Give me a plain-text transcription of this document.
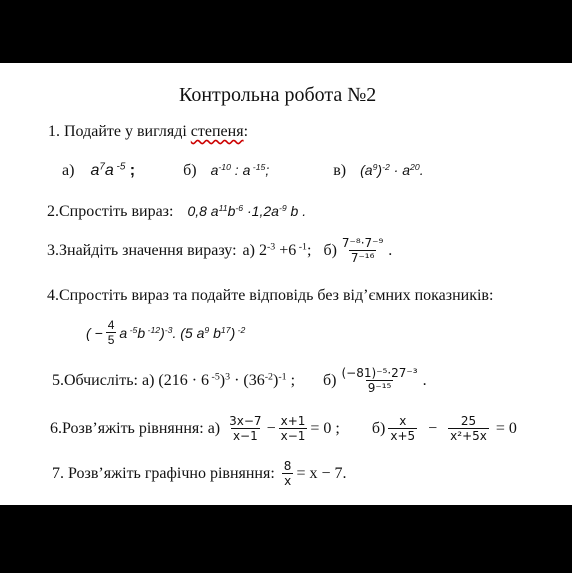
Контрольна робота №2
1. Подайте у вигляді степеня:
а) $a^7a$ $^{-5}$ ;	б) $a^{-10}$ : a $^{-15}$;	в) $(a^9)^{-2} \cdot a^{20}$.
2.Спростіть вираз: 0,8 $a^{11}b^{-6} \cdot 1,2a^{-9}$ b .
3.Знайдіть значення виразу: а) $2^{-3} +6$ $^{-1}$; $б) \frac{\text{7⁻⁸·7⁻⁹}}{\text{7⁻¹⁶}}$ .
4.Спростіть вираз та подайте відповідь без від’ємних показників:
( − $\frac{4}{5}$ a $^{-5}$b $^{-12}$)$^{-3}$. (5 $a^9$ $b^{17}$) $^{-2}$
5.Обчисліть: а) (216 · 6 $^{-5})^3 \cdot (36^{-2})^{-1}$ ; $б) \frac{\text{(−81)⁻⁵·27⁻³}}{\text{9⁻¹⁵}}$ .
6.Розв’яжіть рівняння: $а) \frac{3x-7}{x-1} - \frac{x+1}{x-1} = 0$ ; $б) \frac{x}{x+5} - \frac{25}{\text{x²+5x}} = 0$
7. Розв’яжіть графічно рівняння: $\frac{8}{x} = x - 7$.
